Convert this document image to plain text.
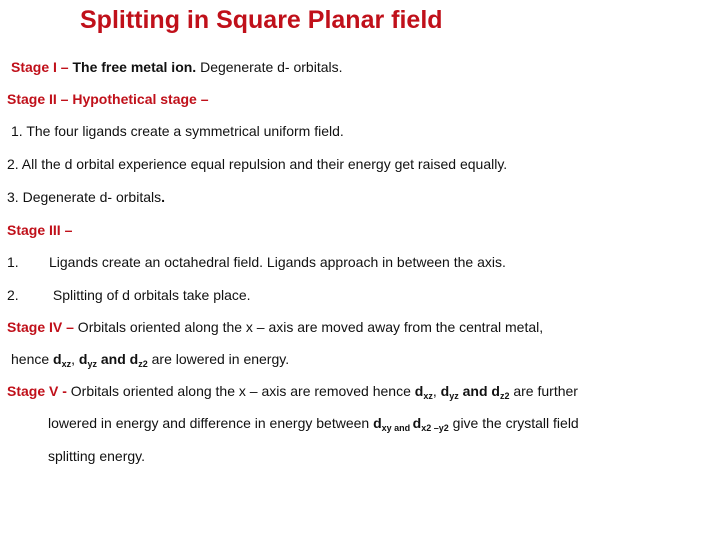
Splitting in Square Planar field
Stage I – The free metal ion. Degenerate d- orbitals.
Stage II – Hypothetical stage –
1. The four ligands create a symmetrical uniform field.
2. All the d orbital experience equal repulsion and their energy get raised equally.
3. Degenerate d- orbitals.
Stage III –
1. Ligands create an octahedral field. Ligands approach in between the axis.
2. Splitting of d orbitals take place.
Stage IV – Orbitals oriented along the x – axis are moved away from the central metal,
hence $d_{xz}$, $d_{yz}$ and $d_{z2}$ are lowered in energy.
Stage V - Orbitals oriented along the x – axis are removed hence $d_{xz}$, $d_{yz}$ and $d_{z2}$ are further
lowered in energy and difference in energy between $d_{xy}$ $_{and}$ $d_{x2 -y2}$ give the crystall field
splitting energy.
